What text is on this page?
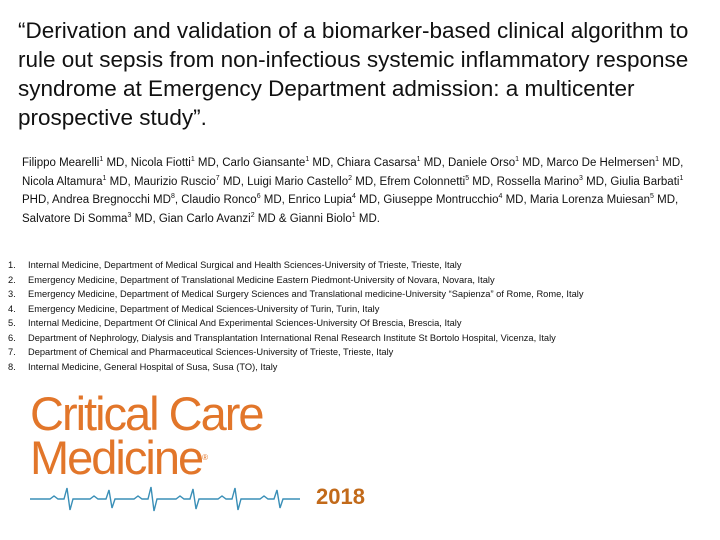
“Derivation and validation of a biomarker-based clinical algorithm to rule out sepsis from non-infectious systemic inflammatory response syndrome at Emergency Department admission: a multicenter prospective study”.
Filippo Mearelli$^1$ MD, Nicola Fiotti$^1$ MD, Carlo Giansante$^1$ MD, Chiara Casarsa$^1$ MD, Daniele Orso$^1$ MD, Marco De Helmersen$^1$ MD, Nicola Altamura$^1$ MD, Maurizio Ruscio$^7$ MD, Luigi Mario Castello$^2$ MD, Efrem Colonnetti$^5$ MD, Rossella Marino$^3$ MD, Giulia Barbati$^1$ PHD, Andrea Bregnocchi $MD^8$, Claudio Ronco$^6$ MD, Enrico Lupia$^4$ MD, Giuseppe Montrucchio$^4$ MD, Maria Lorenza Muiesan$^5$ MD, Salvatore Di Somma$^3$ MD, Gian Carlo Avanzi$^2$ MD & Gianni Biolo$^1$ MD.
1.	Internal Medicine, Department of Medical Surgical and Health Sciences-University of Trieste, Trieste, Italy
2.	Emergency Medicine, Department of Translational Medicine Eastern Piedmont-University of Novara, Novara, Italy
3.	Emergency Medicine, Department of Medical Surgery Sciences and Translational medicine-University “Sapienza” of Rome, Rome, Italy
4.	Emergency Medicine, Department of Medical Sciences-University of Turin, Turin, Italy
5.	Internal Medicine, Department Of Clinical And Experimental Sciences-University Of Brescia, Brescia, Italy
6.	Department of Nephrology, Dialysis and Transplantation International Renal Research Institute St Bortolo Hospital, Vicenza, Italy
7.	Department of Chemical and Pharmaceutical Sciences-University of Trieste, Trieste, Italy
8.	Internal Medicine, General Hospital of Susa, Susa (TO), Italy
Critical Care
Medicine®
2018
